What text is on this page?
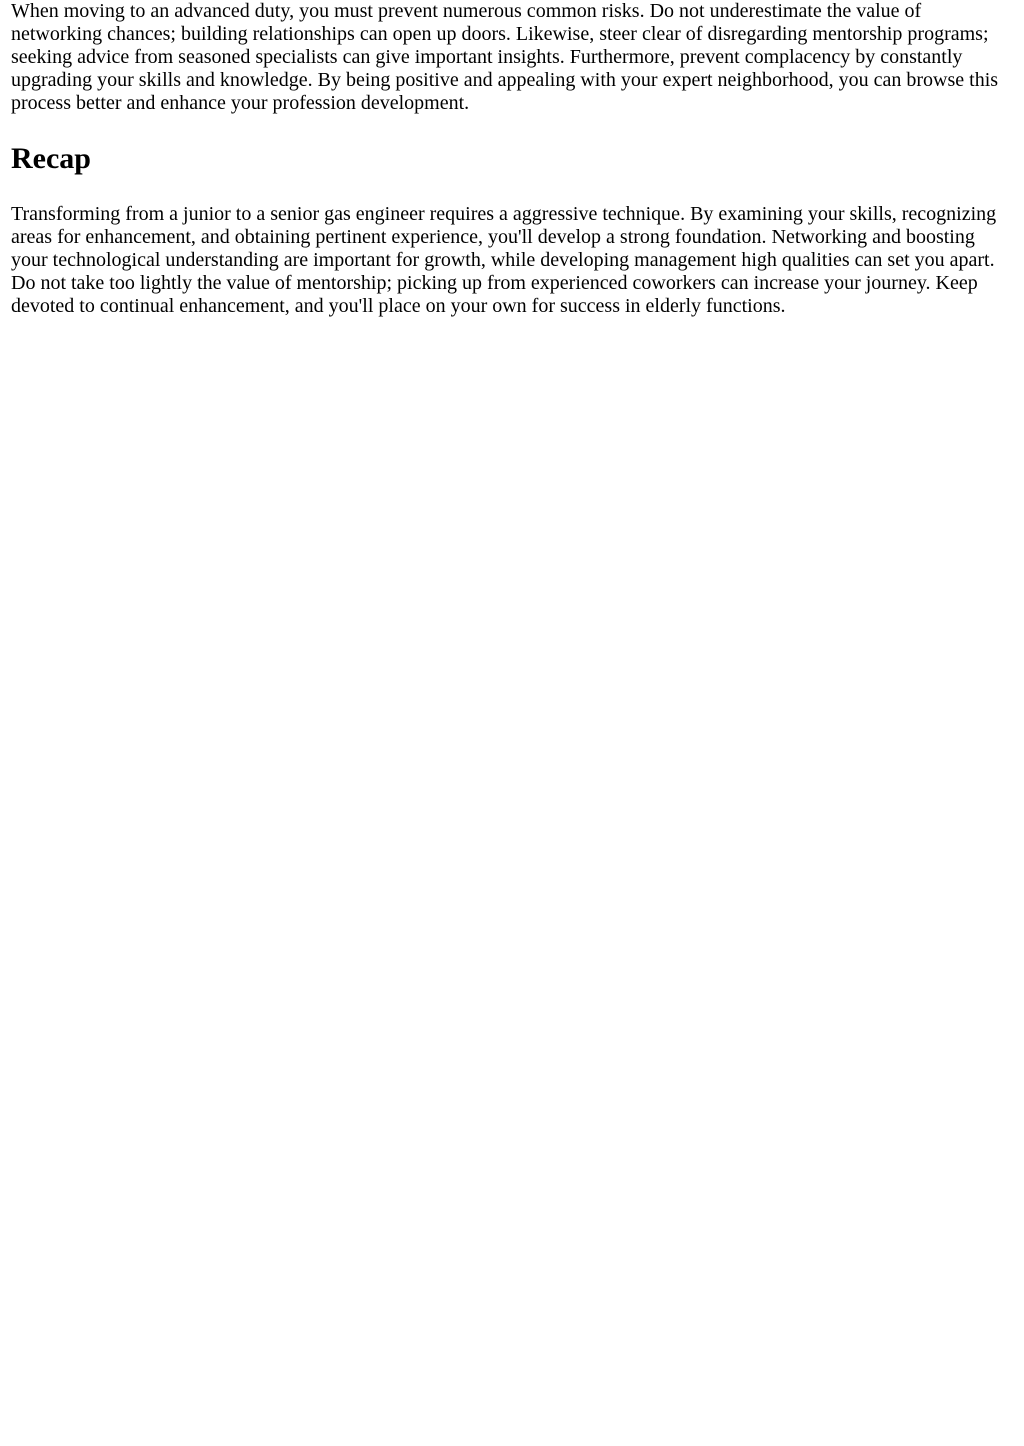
When moving to an advanced duty, you must prevent numerous common risks. Do not underestimate the value of networking chances; building relationships can open up doors. Likewise, steer clear of disregarding mentorship programs; seeking advice from seasoned specialists can give important insights. Furthermore, prevent complacency by constantly upgrading your skills and knowledge. By being positive and appealing with your expert neighborhood, you can browse this process better and enhance your profession development.

Recap

Transforming from a junior to a senior gas engineer requires a aggressive technique. By examining your skills, recognizing areas for enhancement, and obtaining pertinent experience, you'll develop a strong foundation. Networking and boosting your technological understanding are important for growth, while developing management high qualities can set you apart. Do not take too lightly the value of mentorship; picking up from experienced coworkers can increase your journey. Keep devoted to continual enhancement, and you'll place on your own for success in elderly functions.
